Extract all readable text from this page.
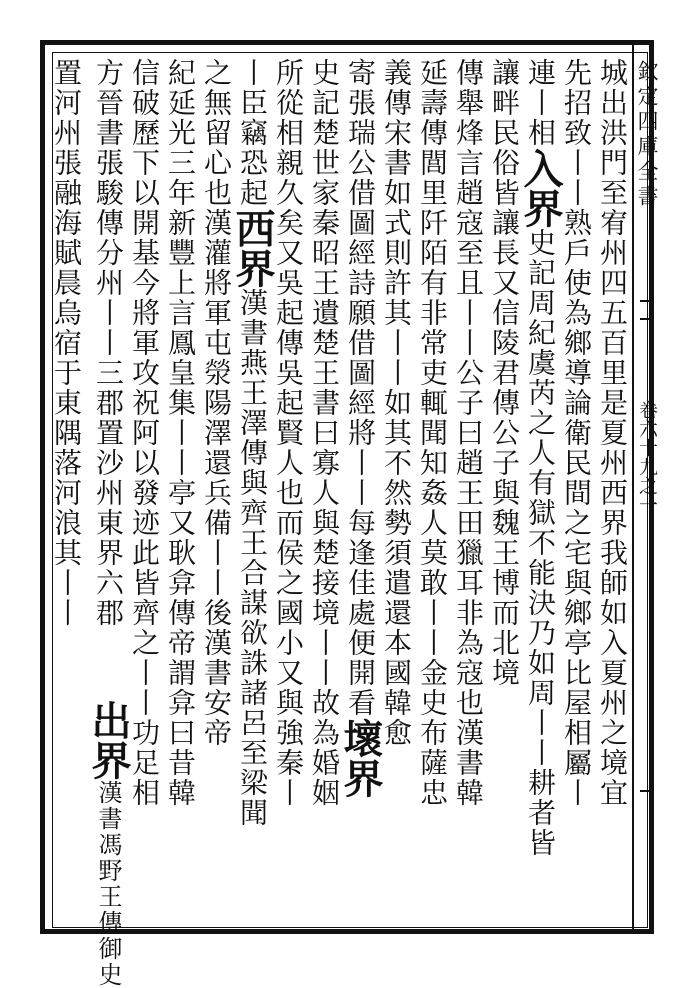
欽定四庫全書
卷六十九之一
城出洪門至宥州四五百里是夏州西界我師如入夏州之境宜
先招致丨丨熟戶使為鄉導論衛民間之宅與鄉亭比屋相屬丨
連丨相入界史記周紀虞芮之人有獄不能決乃如周丨丨耕者皆
讓畔民俗皆讓長又信陵君傳公子與魏王博而北境
傳舉烽言趙寇至且丨丨公子曰趙王田獵耳非為寇也漢書韓
延壽傳閭里阡陌有非常吏輒聞知姦人莫敢丨丨金史布薩忠
義傳宋書如式則許其丨丨如其不然勢須遣還本國韓愈
寄張瑞公借圖經詩願借圖經將丨丨每逢佳處便開看壞界
史記楚世家秦昭王遺楚王書曰寡人與楚接境丨丨故為婚姻
所從相親久矣又吳起傳吳起賢人也而侯之國小又與強秦丨
丨臣竊恐起西界漢書燕王澤傳與齊王合謀欲誅諸呂至梁聞
之無留心也漢灌將軍屯滎陽澤還兵備丨丨後漢書安帝
紀延光三年新豐上言鳳皇集丨丨亭又耿弇傳帝謂弇曰昔韓
信破歷下以開基今將軍攻祝阿以發迹此皆齊之丨丨功足相
方晉書張駿傳分州丨丨三郡置沙州東界六郡
出界漢書馮野王傳御史
置河州張融海賦晨烏宿于東隅落河浪其丨丨
